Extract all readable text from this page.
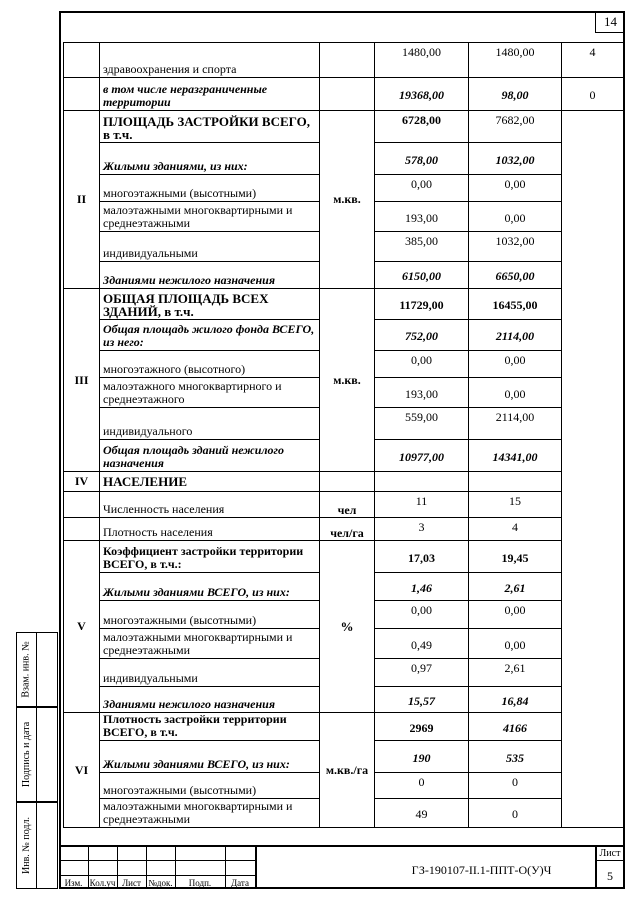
14
	здравоохранения и спорта		1480,00	1480,00	4
	в том числе неразграниченные территории		19368,00	98,00	0
II	ПЛОЩАДЬ ЗАСТРОЙКИ ВСЕГО, в т.ч.	м.кв.	6728,00	7682,00	
	Жилыми зданиями, из них:		578,00	1032,00	
	многоэтажными (высотными)		0,00	0,00	
	малоэтажными многоквартирными и среднеэтажными		193,00	0,00	
	индивидуальными		385,00	1032,00	
	Зданиями нежилого назначения		6150,00	6650,00	
III	ОБЩАЯ ПЛОЩАДЬ ВСЕХ ЗДАНИЙ, в т.ч.	м.кв.	11729,00	16455,00	
	Общая площадь жилого фонда ВСЕГО, из него:		752,00	2114,00	
	многоэтажного (высотного)		0,00	0,00	
	малоэтажного многоквартирного и среднеэтажного		193,00	0,00	
	индивидуального		559,00	2114,00	
	Общая площадь зданий нежилого назначения		10977,00	14341,00	
IV	НАСЕЛЕНИЕ				
	Численность населения	чел	11	15	
	Плотность населения	чел/га	3	4	
V	Коэффициент застройки территории ВСЕГО, в т.ч.:	%	17,03	19,45	
	Жилыми зданиями ВСЕГО, из них:		1,46	2,61	
	многоэтажными (высотными)		0,00	0,00	
	малоэтажными многоквартирными и среднеэтажными		0,49	0,00	
	индивидуальными		0,97	2,61	
	Зданиями нежилого назначения		15,57	16,84	
VI	Плотность застройки территории ВСЕГО, в т.ч.	м.кв./га	2969	4166	
	Жилыми зданиями ВСЕГО, из них:		190	535	
	многоэтажными (высотными)		0	0	
	малоэтажными многоквартирными и среднеэтажными		49	0	
Взам. инв. №
Подпись и дата
Инв. № подл.
Изм. Кол.уч Лист №док.	Подп.	Дата
ГЗ-190107-II.1-ППТ-О(У)Ч
Лист
5
